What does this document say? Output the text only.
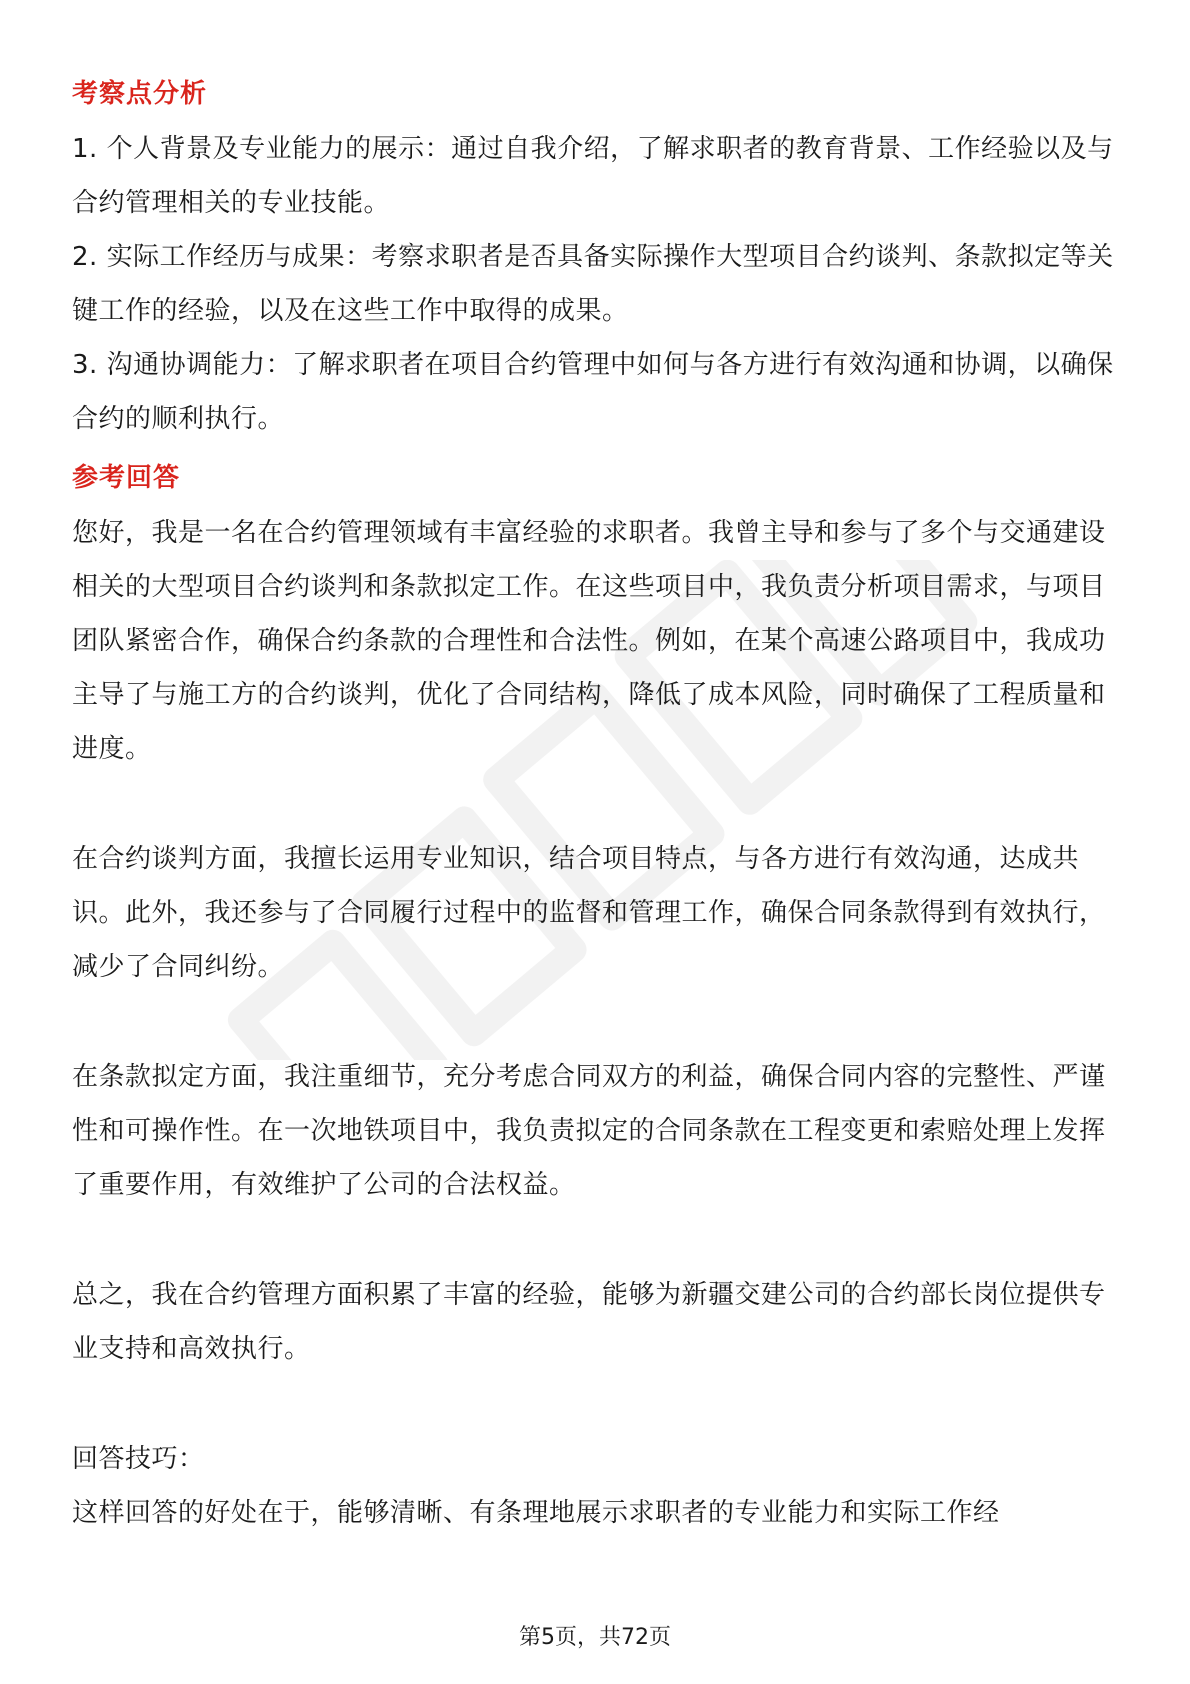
考察点分析

1. 个人背景及专业能力的展示：通过自我介绍，了解求职者的教育背景、工作经验以及与合约管理相关的专业技能。

2. 实际工作经历与成果：考察求职者是否具备实际操作大型项目合约谈判、条款拟定等关键工作的经验，以及在这些工作中取得的成果。

3. 沟通协调能力：了解求职者在项目合约管理中如何与各方进行有效沟通和协调，以确保合约的顺利执行。

参考回答

您好，我是一名在合约管理领域有丰富经验的求职者。我曾主导和参与了多个与交通建设相关的大型项目合约谈判和条款拟定工作。在这些项目中，我负责分析项目需求，与项目团队紧密合作，确保合约条款的合理性和合法性。例如，在某个高速公路项目中，我成功主导了与施工方的合约谈判，优化了合同结构，降低了成本风险，同时确保了工程质量和进度。

在合约谈判方面，我擅长运用专业知识，结合项目特点，与各方进行有效沟通，达成共识。此外，我还参与了合同履行过程中的监督和管理工作，确保合同条款得到有效执行，减少了合同纠纷。

在条款拟定方面，我注重细节，充分考虑合同双方的利益，确保合同内容的完整性、严谨性和可操作性。在一次地铁项目中，我负责拟定的合同条款在工程变更和索赔处理上发挥了重要作用，有效维护了公司的合法权益。

总之，我在合约管理方面积累了丰富的经验，能够为新疆交建公司的合约部长岗位提供专业支持和高效执行。

回答技巧：

这样回答的好处在于，能够清晰、有条理地展示求职者的专业能力和实际工作经

第5页，共72页
